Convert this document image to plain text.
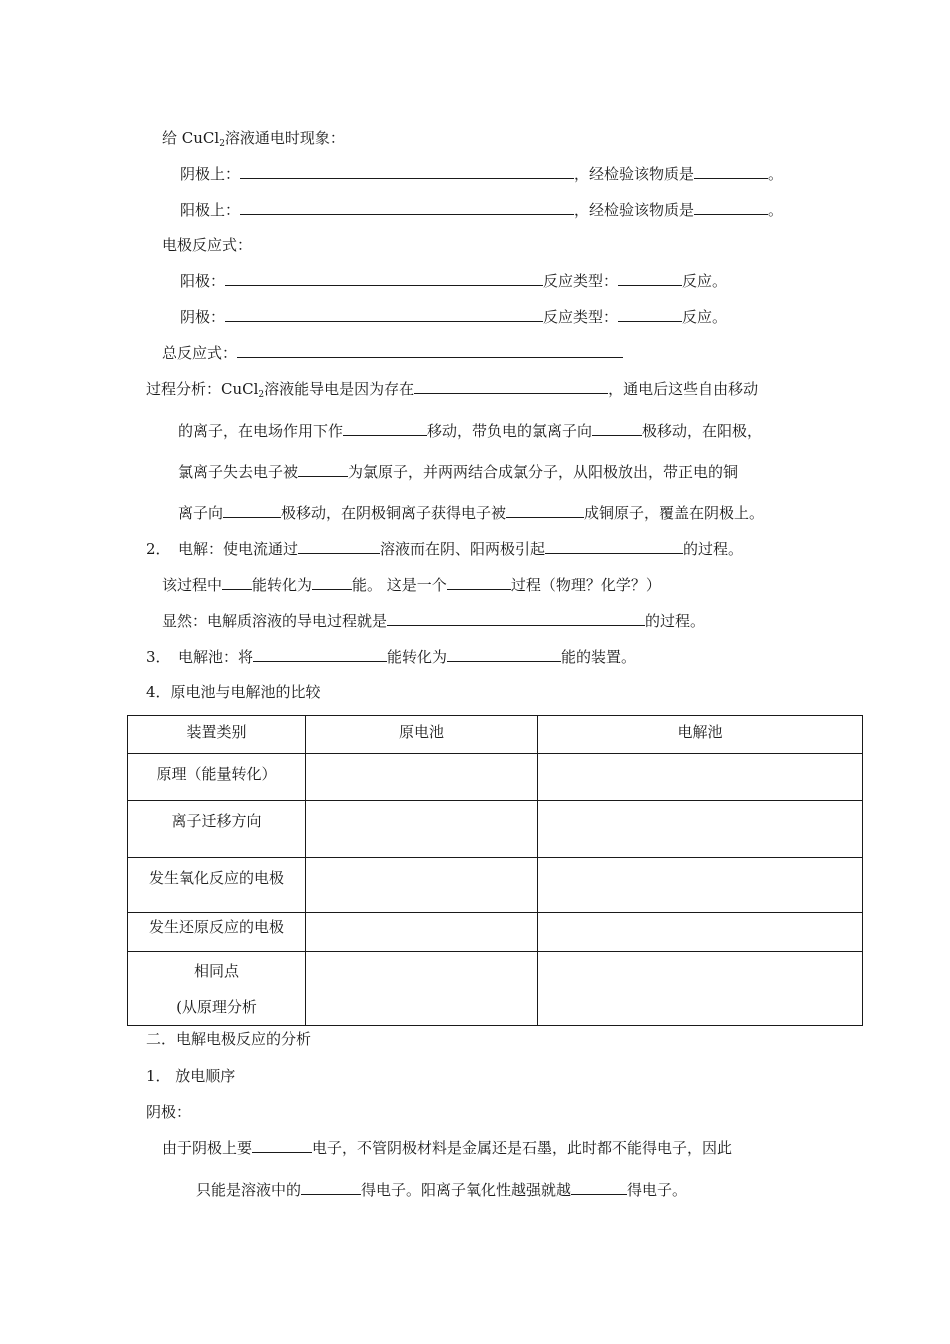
给 CuCl$_2$溶液通电时现象：
阴极上：	，经检验该物质是	。
阳极上：	，经检验该物质是	。
电极反应式：
阳极：	反应类型：	反应。
阴极：	反应类型：	反应。
总反应式：
过程分析：CuCl$_2$溶液能导电是因为存在	，通电后这些自由移动
的离子，在电场作用下作	移动，带负电的氯离子向	极移动，在阳极，
氯离子失去电子被	为氯原子，并两两结合成氯分子，从阳极放出，带正电的铜
离子向	极移动，在阴极铜离子获得电子被	成铜原子，覆盖在阴极上。
2． 电解：使电流通过	溶液而在阴、阳两极引起	的过程。
该过程中 能转化为	能。 这是一个	过程（物理？化学？）
显然：电解质溶液的导电过程就是	的过程。
3． 电解池：将	能转化为	能的装置。
4．原电池与电解池的比较
装置类别	原电池	电解池
原理（能量转化）		
离子迁移方向		
发生氧化反应的电极		
发生还原反应的电极		

相同点
(从原理分析		

二．电解电极反应的分析
1． 放电顺序
阴极：
由于阴极上要	电子，不管阴极材料是金属还是石墨，此时都不能得电子，因此
只能是溶液中的	得电子。阳离子氧化性越强就越	得电子。
